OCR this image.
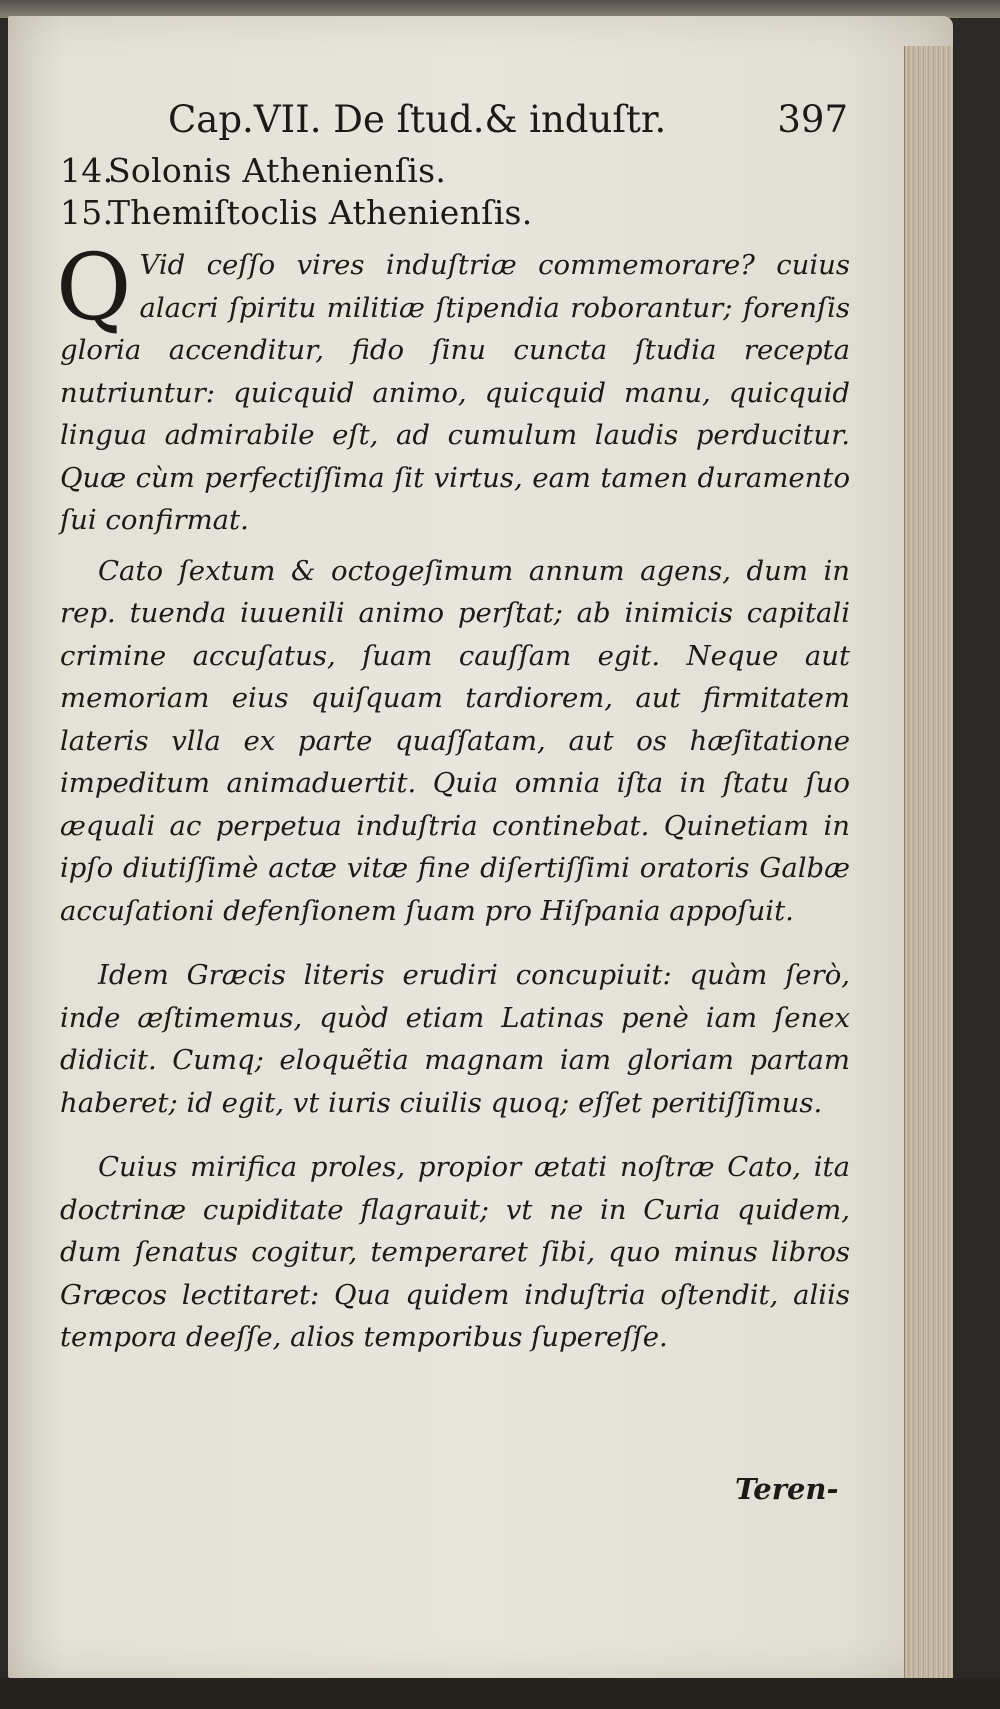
Cap.VII. De ſtud.& induſtr.	397
14.Solonis Athenienſis.
15.Themiſtoclis Athenienſis.

Q Vid ceſſo vires induſtriæ commemorare? cuius alacri ſpiritu militiæ ſtipendia roborantur; forenſis gloria accenditur, fido ſinu cuncta ſtudia recepta nutriuntur: quicquid animo, quicquid manu, quicquid lingua admirabile eſt, ad cumulum laudis perducitur. Quæ cùm perfectiſſima ſit virtus, eam tamen duramento ſui confirmat.

Cato ſextum & octogeſimum annum agens, dum in rep. tuenda iuuenili animo perſtat; ab inimicis capitali crimine accuſatus, ſuam cauſſam egit. Neque aut memoriam eius quiſquam tardiorem, aut firmitatem lateris vlla ex parte quaſſatam, aut os hæſitatione impeditum animaduertit. Quia omnia iſta in ſtatu ſuo æquali ac perpetua induſtria continebat. Quinetiam in ipſo diutiſſimè actæ vitæ fine diſertiſſimi oratoris Galbæ accuſationi defenſionem ſuam pro Hiſpania appoſuit.

Idem Græcis literis erudiri concupiuit: quàm ſerò, inde æſtimemus, quòd etiam Latinas penè iam ſenex didicit. Cumq; eloquẽtia magnam iam gloriam partam haberet; id egit, vt iuris ciuilis quoq; eſſet peritiſſimus.

Cuius mirifica proles, propior ætati noſtræ Cato, ita doctrinæ cupiditate flagrauit; vt ne in Curia quidem, dum ſenatus cogitur, temperaret ſibi, quo minus libros Græcos lectitaret: Qua quidem induſtria oſtendit, aliis tempora deeſſe, alios temporibus ſupereſſe.

Teren-
